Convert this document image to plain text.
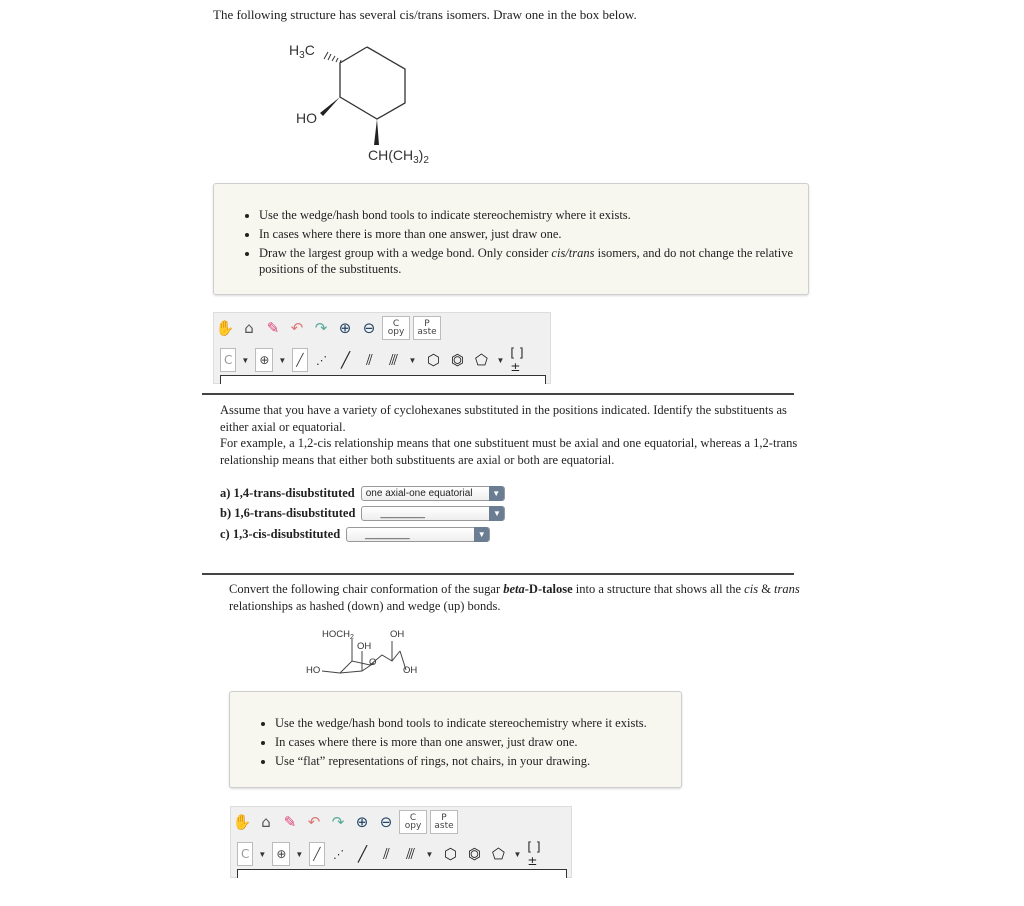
The following structure has several cis/trans isomers. Draw one in the box below.
$H_3C$
HO
$CH(CH_3)_2$
• Use the wedge/hash bond tools to indicate stereochemistry where it exists.
• In cases where there is more than one answer, just draw one.
• Draw the largest group with a wedge bond. Only consider cis/trans isomers, and do not change the relative positions of the substituents.
✋ ⌂ ✎ ↶ ↷ ⊕ ⊖	C
opy
P
aste
C ▼ ⊕	▼ ╱	⋰ ╱	⫽	⫻	▼ ⬡ ⏣ ⬠	▼ [ ]±

Assume that you have a variety of cyclohexanes substituted in the positions indicated. Identify the substituents as either axial or equatorial.

For example, a 1,2-cis relationship means that one substituent must be axial and one equatorial, whereas a 1,2-trans relationship means that either both substituents are axial or both are equatorial.

a) 1,4-trans-disubstituted one axial-one equatorial	▼
b) 1,6-trans-disubstituted	________	▼
c) 1,3-cis-disubstituted	________	▼
Convert the following chair conformation of the sugar beta-D-talose into a structure that shows all the cis & trans relationships as hashed (down) and wedge (up) bonds.
$HOCH_2$	OH
OH
O
HO	OH
• Use the wedge/hash bond tools to indicate stereochemistry where it exists.
• In cases where there is more than one answer, just draw one.
• Use “flat” representations of rings, not chairs, in your drawing.
✋ ⌂ ✎ ↶ ↷ ⊕ ⊖	C
opy
P
aste
C ▼ ⊕	▼ ╱	⋰ ╱	⫽	⫻	▼ ⬡ ⏣ ⬠	▼ [ ]±
